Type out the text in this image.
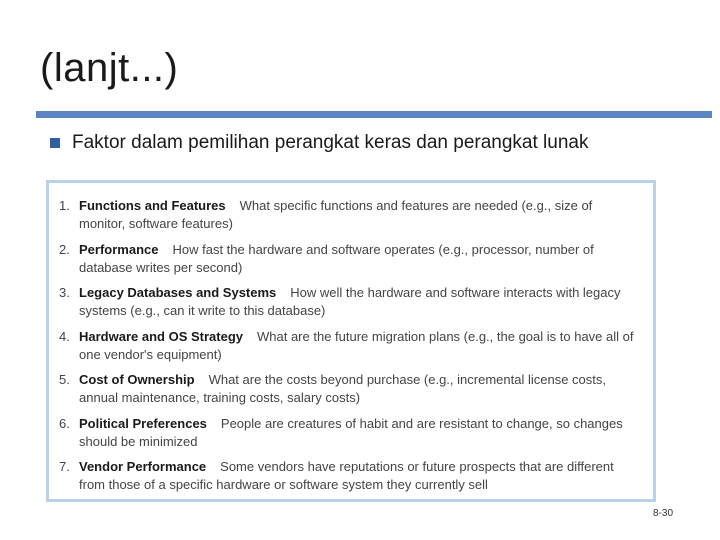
(lanjt...)
Faktor dalam pemilihan perangkat keras dan perangkat lunak
1. Functions and Features What specific functions and features are needed (e.g., size of monitor, software features)
2. Performance How fast the hardware and software operates (e.g., processor, number of database writes per second)
3. Legacy Databases and Systems How well the hardware and software interacts with legacy systems (e.g., can it write to this database)
4. Hardware and OS Strategy What are the future migration plans (e.g., the goal is to have all of one vendor's equipment)
5. Cost of Ownership What are the costs beyond purchase (e.g., incremental license costs, annual maintenance, training costs, salary costs)
6. Political Preferences People are creatures of habit and are resistant to change, so changes should be minimized
7. Vendor Performance Some vendors have reputations or future prospects that are different from those of a specific hardware or software system they currently sell
8-30
